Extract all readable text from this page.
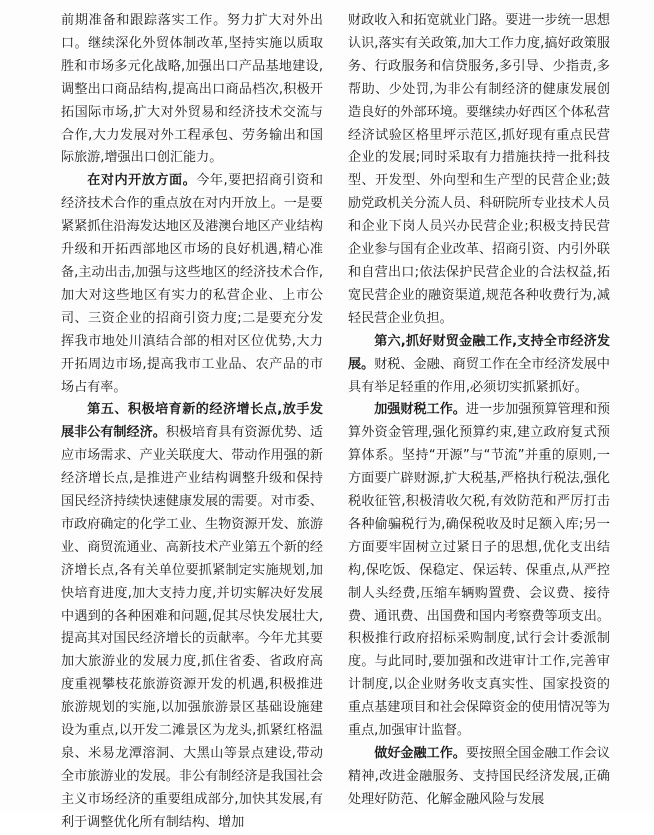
前期准备和跟踪落实工作。努力扩大对外出口。继续深化外贸体制改革,坚持实施以质取胜和市场多元化战略,加强出口产品基地建设,调整出口商品结构,提高出口商品档次,积极开拓国际市场,扩大对外贸易和经济技术交流与合作,大力发展对外工程承包、劳务输出和国际旅游,增强出口创汇能力。

在对内开放方面。今年,要把招商引资和经济技术合作的重点放在对内开放上。一是要紧紧抓住沿海发达地区及港澳台地区产业结构升级和开拓西部地区市场的良好机遇,精心准备,主动出击,加强与这些地区的经济技术合作,加大对这些地区有实力的私营企业、上市公司、三资企业的招商引资力度;二是要充分发挥我市地处川滇结合部的相对区位优势,大力开拓周边市场,提高我市工业品、农产品的市场占有率。

第五、积极培育新的经济增长点,放手发展非公有制经济。积极培育具有资源优势、适应市场需求、产业关联度大、带动作用强的新经济增长点,是推进产业结构调整升级和保持国民经济持续快速健康发展的需要。对市委、市政府确定的化学工业、生物资源开发、旅游业、商贸流通业、高新技术产业第五个新的经济增长点,各有关单位要抓紧制定实施规划,加快培育进度,加大支持力度,并切实解决好发展中遇到的各种困难和问题,促其尽快发展壮大,提高其对国民经济增长的贡献率。今年尤其要加大旅游业的发展力度,抓住省委、省政府高度重视攀枝花旅游资源开发的机遇,积极推进旅游规划的实施,以加强旅游景区基础设施建设为重点,以开发二滩景区为龙头,抓紧红格温泉、米易龙潭溶洞、大黑山等景点建设,带动全市旅游业的发展。非公有制经济是我国社会主义市场经济的重要组成部分,加快其发展,有利于调整优化所有制结构、增加

财政收入和拓宽就业门路。要进一步统一思想认识,落实有关政策,加大工作力度,搞好政策服务、行政服务和信贷服务,多引导、少指责,多帮助、少处罚,为非公有制经济的健康发展创造良好的外部环境。要继续办好西区个体私营经济试验区格里坪示范区,抓好现有重点民营企业的发展;同时采取有力措施扶持一批科技型、开发型、外向型和生产型的民营企业;鼓励党政机关分流人员、科研院所专业技术人员和企业下岗人员兴办民营企业;积极支持民营企业参与国有企业改革、招商引资、内引外联和自营出口;依法保护民营企业的合法权益,拓宽民营企业的融资渠道,规范各种收费行为,减轻民营企业负担。

第六,抓好财贸金融工作,支持全市经济发展。财税、金融、商贸工作在全市经济发展中具有举足轻重的作用,必须切实抓紧抓好。

加强财税工作。进一步加强预算管理和预算外资金管理,强化预算约束,建立政府复式预算体系。坚持“开源”与“节流”并重的原则,一方面要广辟财源,扩大税基,严格执行税法,强化税收征管,积极清收欠税,有效防范和严厉打击各种偷骗税行为,确保税收及时足额入库;另一方面要牢固树立过紧日子的思想,优化支出结构,保吃饭、保稳定、保运转、保重点,从严控制人头经费,压缩车辆购置费、会议费、接待费、通讯费、出国费和国内考察费等项支出。积极推行政府招标采购制度,试行会计委派制度。与此同时,要加强和改进审计工作,完善审计制度,以企业财务收支真实性、国家投资的重点基建项目和社会保障资金的使用情况等为重点,加强审计监督。

做好金融工作。要按照全国金融工作会议精神,改进金融服务、支持国民经济发展,正确处理好防范、化解金融风险与发展
